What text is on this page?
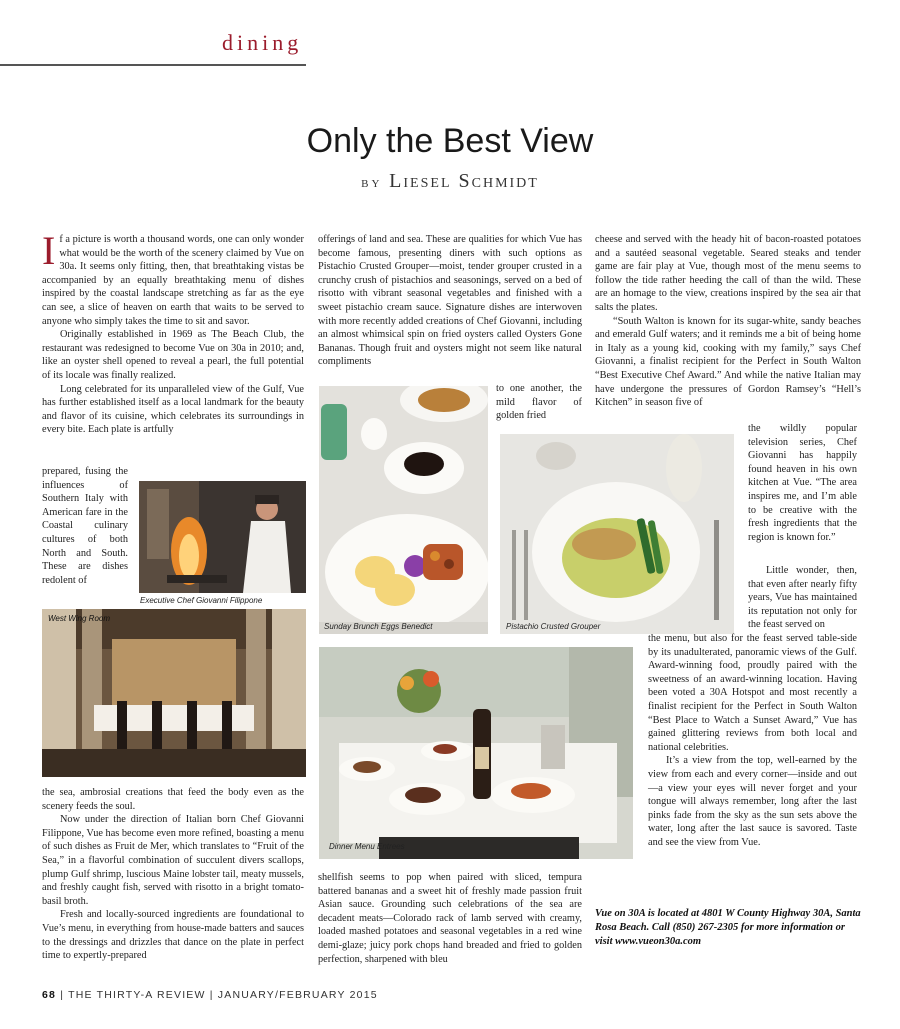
dining
Only the Best View
by Liesel Schmidt

If a picture is worth a thousand words, one can only wonder what would be the worth of the scenery claimed by Vue on 30a. It seems only fitting, then, that breathtaking vistas be accompanied by an equally breathtaking menu of dishes inspired by the coastal landscape stretching as far as the eye can see, a slice of heaven on earth that waits to be served to anyone who simply takes the time to sit and savor.

Originally established in 1969 as The Beach Club, the restaurant was redesigned to become Vue on 30a in 2010; and, like an oyster shell opened to reveal a pearl, the full potential of its locale was finally realized.

Long celebrated for its unparalleled view of the Gulf, Vue has further established itself as a local landmark for the beauty and flavor of its cuisine, which celebrates its surroundings in every bite. Each plate is artfully

prepared, fusing the influences of Southern Italy with American fare in the Coastal culinary cultures of both North and South. These are dishes redolent of

Executive Chef Giovanni Filippone
West Wing Room

the sea, ambrosial creations that feed the body even as the scenery feeds the soul.

Now under the direction of Italian born Chef Giovanni Filippone, Vue has become even more refined, boasting a menu of such dishes as Fruit de Mer, which translates to “Fruit of the Sea,” in a flavorful combination of succulent divers scallops, plump Gulf shrimp, luscious Maine lobster tail, meaty mussels, and freshly caught fish, served with risotto in a bright tomato-basil broth.

Fresh and locally-sourced ingredients are foundational to Vue’s menu, in everything from house-made batters and sauces to the dressings and drizzles that dance on the plate in perfect time to expertly-prepared

offerings of land and sea. These are qualities for which Vue has become famous, presenting diners with such options as Pistachio Crusted Grouper—moist, tender grouper crusted in a crunchy crush of pistachios and seasonings, served on a bed of risotto with vibrant seasonal vegetables and finished with a sweet pistachio cream sauce. Signature dishes are interwoven with more recently added creations of Chef Giovanni, including an almost whimsical spin on fried oysters called Oysters Gone Bananas. Though fruit and oysters might not seem like natural compliments

to one another, the mild flavor of golden fried

Sunday Brunch Eggs Benedict	Pistachio Crusted Grouper
Dinner Menu Entrees

shellfish seems to pop when paired with sliced, tempura battered bananas and a sweet hit of freshly made passion fruit Asian sauce. Grounding such celebrations of the sea are decadent meats—Colorado rack of lamb served with creamy, loaded mashed potatoes and seasonal vegetables in a red wine demi-glaze; juicy pork chops hand breaded and fried to golden perfection, sharpened with bleu

cheese and served with the heady hit of bacon-roasted potatoes and a sautéed seasonal vegetable. Seared steaks and tender game are fair play at Vue, though most of the menu seems to follow the tide rather heeding the call of than the wild. These are an homage to the view, creations inspired by the sea air that salts the plates.

“South Walton is known for its sugar-white, sandy beaches and emerald Gulf waters; and it reminds me a bit of being home in Italy as a young kid, cooking with my family,” says Chef Giovanni, a finalist recipient for the Perfect in South Walton “Best Executive Chef Award.” And while the native Italian may have undergone the pressures of Gordon Ramsey’s “Hell’s Kitchen” in season five of

the wildly popular television series, Chef Giovanni has happily found heaven in his own kitchen at Vue. “The area inspires me, and I’m able to be creative with the fresh ingredients that the region is known for.”

Little wonder, then, that even after nearly fifty years, Vue has maintained its reputation not only for the feast served on

the menu, but also for the feast served table-side by its unadulterated, panoramic views of the Gulf. Award-winning food, proudly paired with the sweetness of an award-winning location. Having been voted a 30A Hotspot and most recently a finalist recipient for the Perfect in South Walton “Best Place to Watch a Sunset Award,” Vue has gained glittering reviews from both local and national celebrities.

It’s a view from the top, well-earned by the view from each and every corner—inside and out—a view your eyes will never forget and your tongue will always remember, long after the last pinks fade from the sky as the sun sets above the water, long after the last sauce is savored. Taste and see the view from Vue.

Vue on 30A is located at 4801 W County Highway 30A, Santa Rosa Beach. Call (850) 267-2305 for more information or visit www.vueon30a.com

68 | THE THIRTY-A REVIEW | JANUARY/FEBRUARY 2015
